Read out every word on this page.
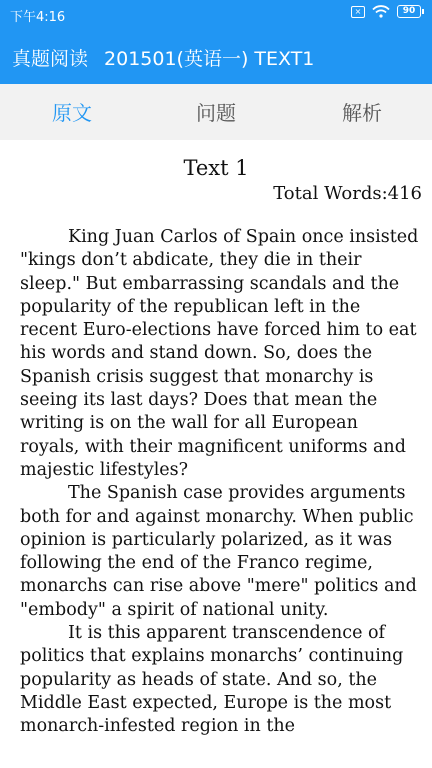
下午4:16	×	90
真题阅读 201501(英语一) TEXT1
原文	问题	解析
Text 1
Total Words:416

King Juan Carlos of Spain once insisted "kings don’t abdicate, they die in their sleep." But embarrassing scandals and the popularity of the republican left in the recent Euro-elections have forced him to eat his words and stand down. So, does the Spanish crisis suggest that monarchy is seeing its last days? Does that mean the writing is on the wall for all European royals, with their magnificent uniforms and majestic lifestyles?

The Spanish case provides arguments both for and against monarchy. When public opinion is particularly polarized, as it was following the end of the Franco regime, monarchs can rise above "mere" politics and "embody" a spirit of national unity.

It is this apparent transcendence of politics that explains monarchs’ continuing popularity as heads of state. And so, the Middle East expected, Europe is the most monarch-infested region in the
